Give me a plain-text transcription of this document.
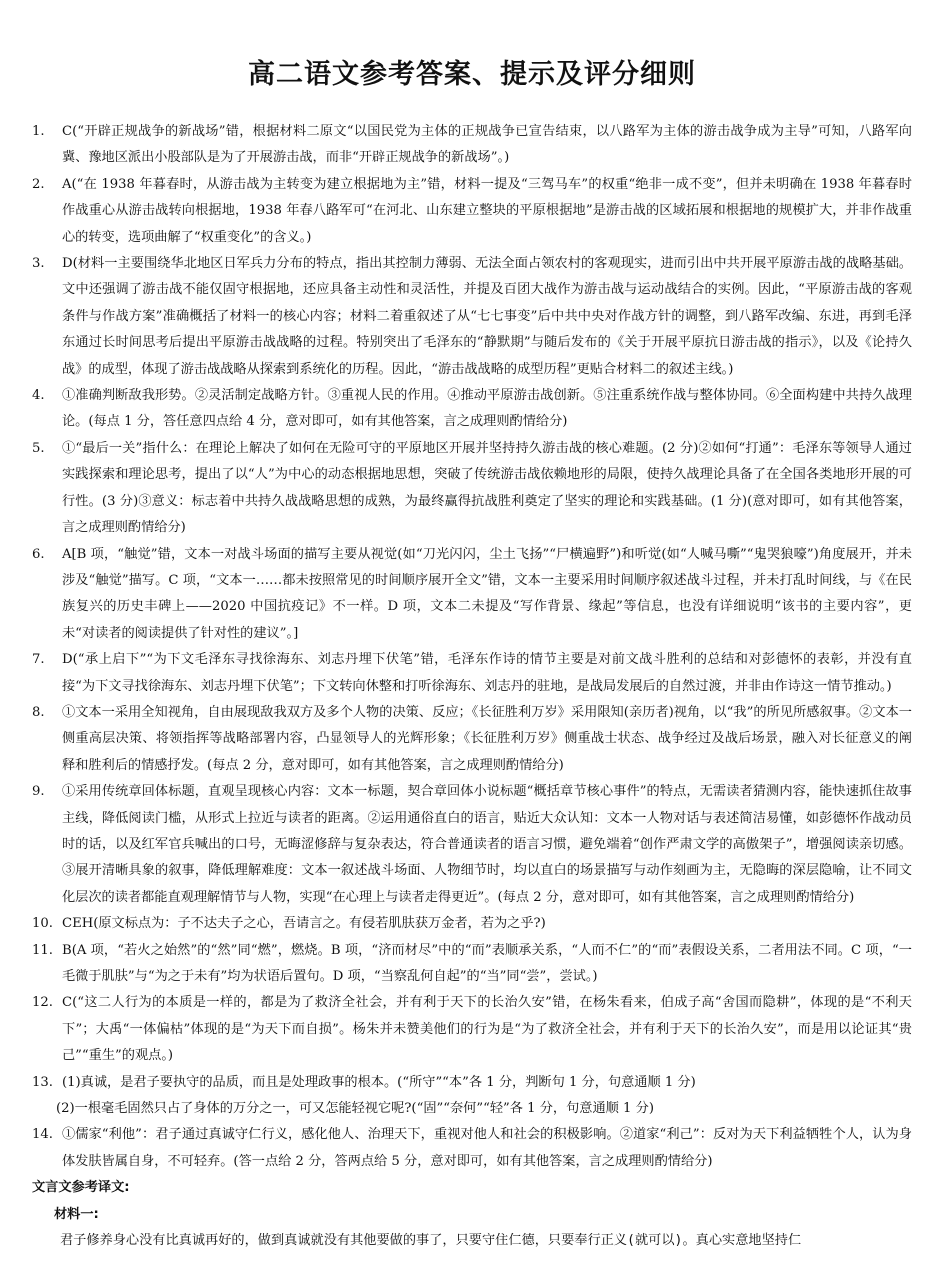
高二语文参考答案、提示及评分细则
1.	C(“开辟正规战争的新战场”错，根据材料二原文“以国民党为主体的正规战争已宣告结束，以八路军为主体的游击战争成为主导”可知，八路军向冀、豫地区派出小股部队是为了开展游击战，而非“开辟正规战争的新战场”。)
2.	A(“在 1938 年暮春时，从游击战为主转变为建立根据地为主”错，材料一提及“三驾马车”的权重“绝非一成不变”，但并未明确在 1938 年暮春时作战重心从游击战转向根据地，1938 年春八路军可“在河北、山东建立整块的平原根据地”是游击战的区域拓展和根据地的规模扩大，并非作战重心的转变，选项曲解了“权重变化”的含义。)
3.	D(材料一主要围绕华北地区日军兵力分布的特点，指出其控制力薄弱、无法全面占领农村的客观现实，进而引出中共开展平原游击战的战略基础。文中还强调了游击战不能仅固守根据地，还应具备主动性和灵活性，并提及百团大战作为游击战与运动战结合的实例。因此，“平原游击战的客观条件与作战方案”准确概括了材料一的核心内容；材料二着重叙述了从“七七事变”后中共中央对作战方针的调整，到八路军改编、东进，再到毛泽东通过长时间思考后提出平原游击战战略的过程。特别突出了毛泽东的“静默期”与随后发布的《关于开展平原抗日游击战的指示》，以及《论持久战》的成型，体现了游击战战略从探索到系统化的历程。因此，“游击战战略的成型历程”更贴合材料二的叙述主线。)
4.	①准确判断敌我形势。②灵活制定战略方针。③重视人民的作用。④推动平原游击战创新。⑤注重系统作战与整体协同。⑥全面构建中共持久战理论。(每点 1 分，答任意四点给 4 分，意对即可，如有其他答案，言之成理则酌情给分)
5.	①“最后一关”指什么：在理论上解决了如何在无险可守的平原地区开展并坚持持久游击战的核心难题。(2 分)②如何“打通”：毛泽东等领导人通过实践探索和理论思考，提出了以“人”为中心的动态根据地思想，突破了传统游击战依赖地形的局限，使持久战理论具备了在全国各类地形开展的可行性。(3 分)③意义：标志着中共持久战战略思想的成熟，为最终赢得抗战胜利奠定了坚实的理论和实践基础。(1 分)(意对即可，如有其他答案，言之成理则酌情给分)
6.	A[B 项，“触觉”错，文本一对战斗场面的描写主要从视觉(如“刀光闪闪，尘土飞扬”“尸横遍野”)和听觉(如“人喊马嘶”“鬼哭狼嚎”)角度展开，并未涉及“触觉”描写。C 项，“文本一……都未按照常见的时间顺序展开全文”错，文本一主要采用时间顺序叙述战斗过程，并未打乱时间线，与《在民族复兴的历史丰碑上——2020 中国抗疫记》不一样。D 项，文本二未提及“写作背景、缘起”等信息，也没有详细说明“该书的主要内容”，更未“对读者的阅读提供了针对性的建议”。]
7.	D(“承上启下”“为下文毛泽东寻找徐海东、刘志丹埋下伏笔”错，毛泽东作诗的情节主要是对前文战斗胜利的总结和对彭德怀的表彰，并没有直接“为下文寻找徐海东、刘志丹埋下伏笔”；下文转向休整和打听徐海东、刘志丹的驻地，是战局发展后的自然过渡，并非由作诗这一情节推动。)
8.	①文本一采用全知视角，自由展现敌我双方及多个人物的决策、反应；《长征胜利万岁》采用限知(亲历者)视角，以“我”的所见所感叙事。②文本一侧重高层决策、将领指挥等战略部署内容，凸显领导人的光辉形象；《长征胜利万岁》侧重战士状态、战争经过及战后场景，融入对长征意义的阐释和胜利后的情感抒发。(每点 2 分，意对即可，如有其他答案，言之成理则酌情给分)
9.	①采用传统章回体标题，直观呈现核心内容：文本一标题，契合章回体小说标题“概括章节核心事件”的特点，无需读者猜测内容，能快速抓住故事主线，降低阅读门槛，从形式上拉近与读者的距离。②运用通俗直白的语言，贴近大众认知：文本一人物对话与表述简洁易懂，如彭德怀作战动员时的话，以及红军官兵喊出的口号，无晦涩修辞与复杂表达，符合普通读者的语言习惯，避免端着“创作严肃文学的高傲架子”，增强阅读亲切感。③展开清晰具象的叙事，降低理解难度：文本一叙述战斗场面、人物细节时，均以直白的场景描写与动作刻画为主，无隐晦的深层隐喻，让不同文化层次的读者都能直观理解情节与人物，实现“在心理上与读者走得更近”。(每点 2 分，意对即可，如有其他答案，言之成理则酌情给分)
10. CEH(原文标点为：子不达夫子之心，吾请言之。有侵若肌肤获万金者，若为之乎?)
11. B(A 项，“若火之始然”的“然”同“燃”，燃烧。B 项，“济而材尽”中的“而”表顺承关系，“人而不仁”的“而”表假设关系，二者用法不同。C 项，“一毛微于肌肤”与“为之于未有”均为状语后置句。D 项，“当察乱何自起”的“当”同“尝”，尝试。)
12. C(“这二人行为的本质是一样的，都是为了救济全社会，并有利于天下的长治久安”错，在杨朱看来，伯成子高“舍国而隐耕”，体现的是“不利天下”；大禹“一体偏枯”体现的是“为天下而自损”。杨朱并未赞美他们的行为是“为了救济全社会，并有利于天下的长治久安”，而是用以论证其“贵己”“重生”的观点。)
13. (1)真诚，是君子要执守的品质，而且是处理政事的根本。(“所守”“本”各 1 分，判断句 1 分，句意通顺 1 分)
(2)一根毫毛固然只占了身体的万分之一，可又怎能轻视它呢?(“固”“奈何”“轻”各 1 分，句意通顺 1 分)
14. ①儒家“利他”：君子通过真诚守仁行义，感化他人、治理天下，重视对他人和社会的积极影响。②道家“利己”：反对为天下利益牺牲个人，认为身体发肤皆属自身，不可轻弃。(答一点给 2 分，答两点给 5 分，意对即可，如有其他答案，言之成理则酌情给分)
文言文参考译文:
材料一:
君子修养身心没有比真诚再好的，做到真诚就没有其他要做的事了，只要守住仁德，只要奉行正义(就可以)。真心实意地坚持仁
